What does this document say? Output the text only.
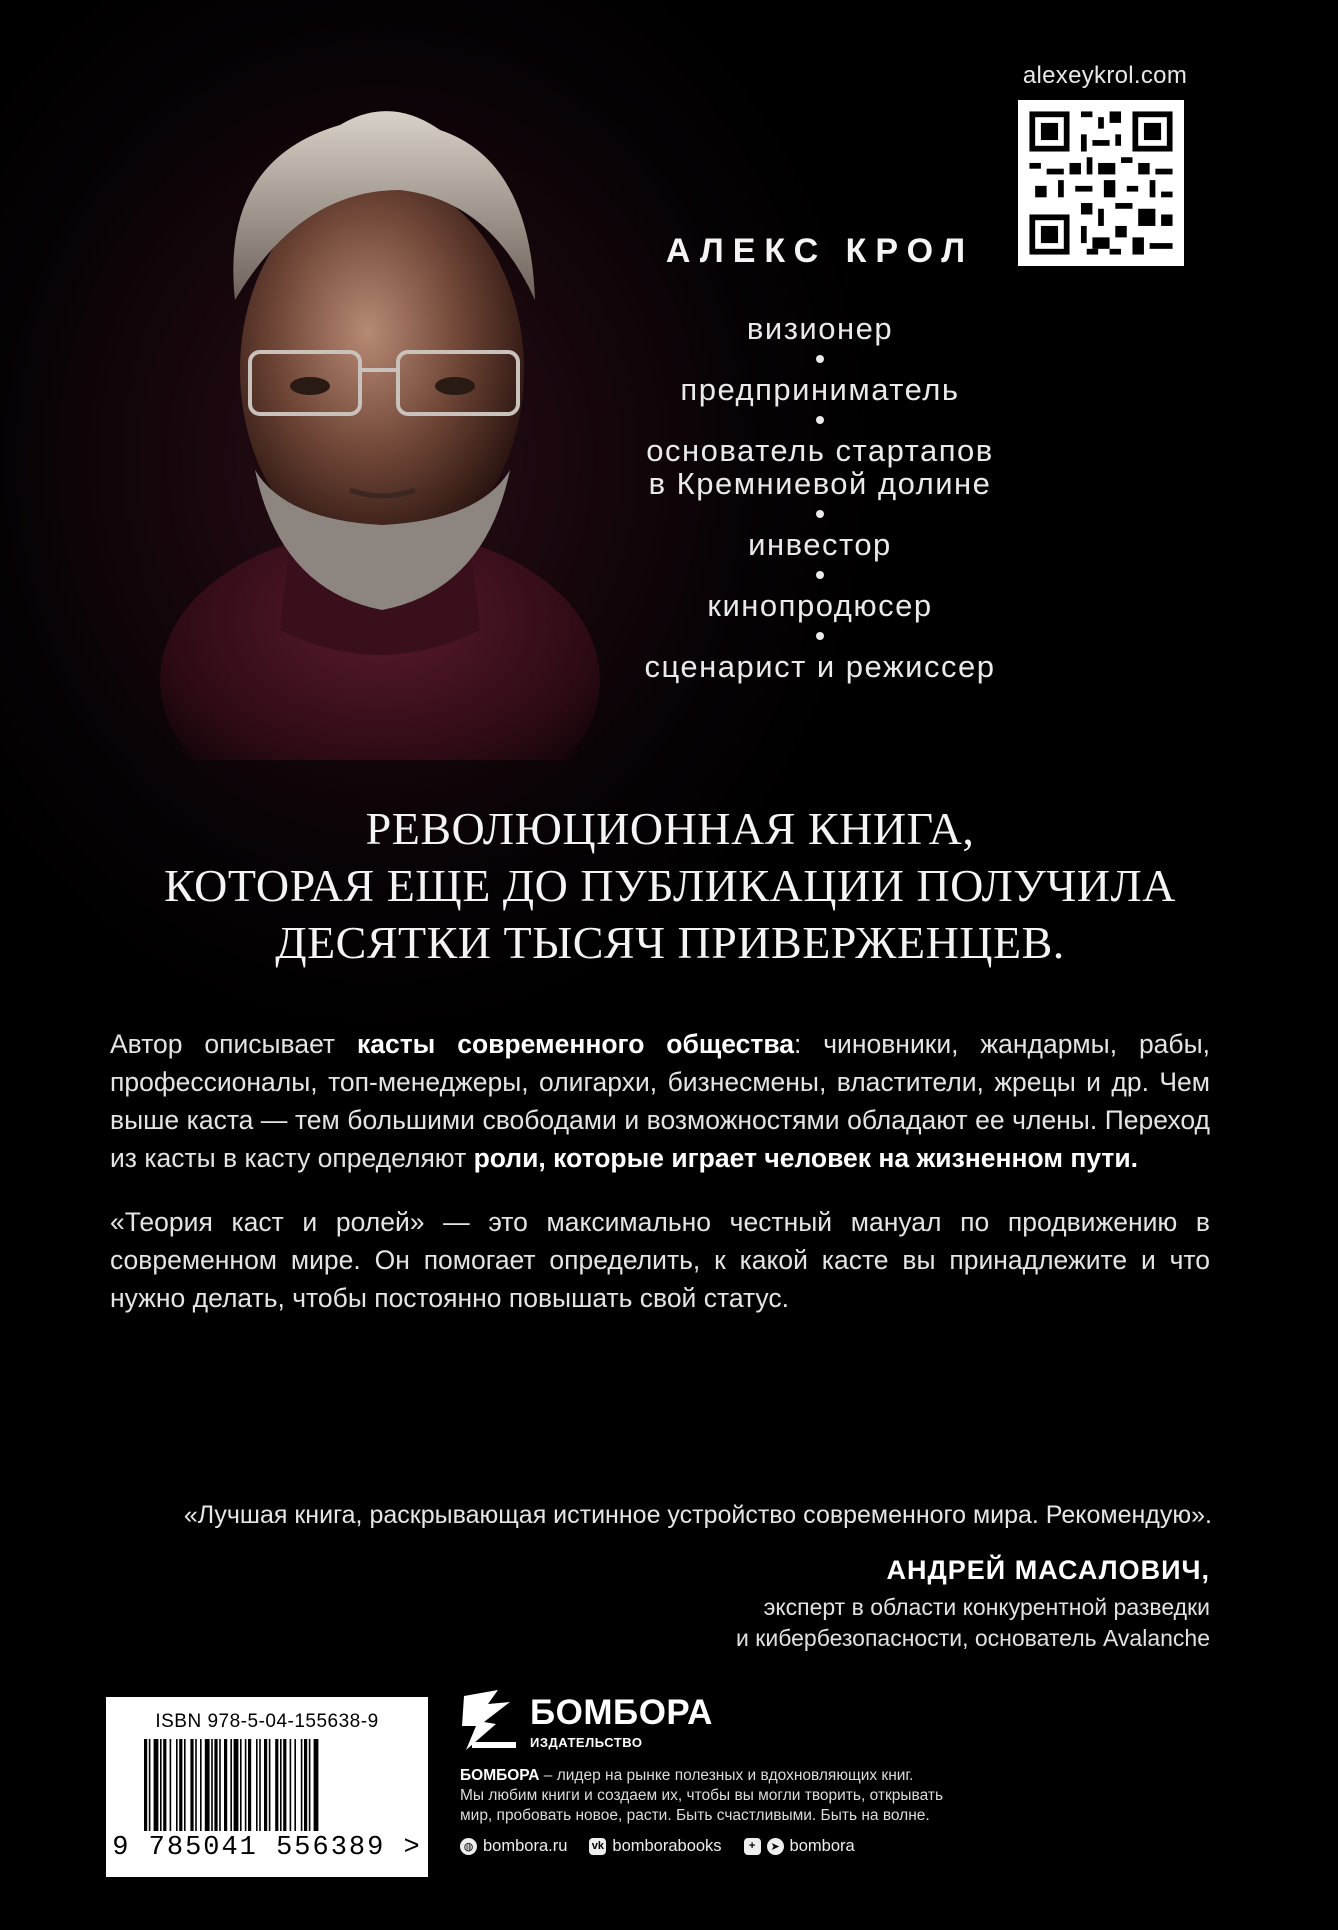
alexeykrol.com
АЛЕКС КРОЛ
визионер
предприниматель
основатель стартапов
в Кремниевой долине
инвестор
кинопродюсер
сценарист и режиссер
РЕВОЛЮЦИОННАЯ КНИГА,
КОТОРАЯ ЕЩЕ ДО ПУБЛИКАЦИИ ПОЛУЧИЛА
ДЕСЯТКИ ТЫСЯЧ ПРИВЕРЖЕНЦЕВ.

Автор описывает касты современного общества: чиновники, жандармы, рабы, профессионалы, топ-менеджеры, олигархи, бизнесмены, властители, жрецы и др. Чем выше каста — тем большими свободами и возможностями обладают ее члены. Переход из касты в касту определяют роли, которые играет человек на жизненном пути.

«Теория каст и ролей» — это максимально честный мануал по продвижению в современном мире. Он помогает определить, к какой касте вы принадлежите и что нужно делать, чтобы постоянно повышать свой статус.

«Лучшая книга, раскрывающая истинное устройство современного мира. Рекомендую».
АНДРЕЙ МАСАЛОВИЧ,
эксперт в области конкурентной разведки
и кибербезопасности, основатель Avalanche
ISBN 978-5-04-155638-9
9 785041 556389 >
БОМБОРА
ИЗДАТЕЛЬСТВО
БОМБОРА – лидер на рынке полезных и вдохновляющих книг.
Мы любим книги и создаем их, чтобы вы могли творить, открывать
мир, пробовать новое, расти. Быть счастливыми. Быть на волне.
◍ bombora.ru vk bomborabooks	+	➤ bombora
